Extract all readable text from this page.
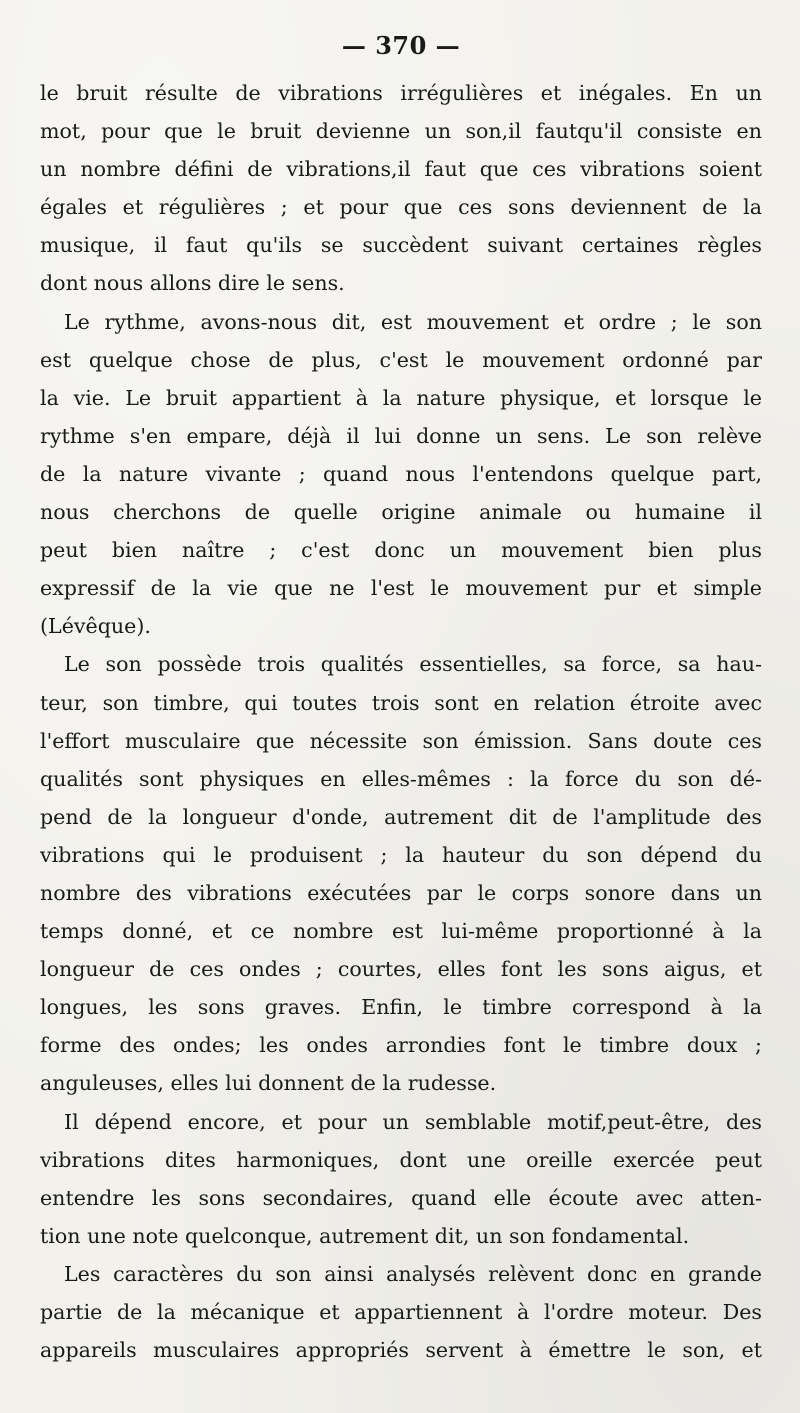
— 370 —
le bruit résulte de vibrations irrégulières et inégales. En un
mot, pour que le bruit devienne un son,il fautqu'il consiste en
un nombre défini de vibrations,il faut que ces vibrations soient
égales et régulières ; et pour que ces sons deviennent de la
musique, il faut qu'ils se succèdent suivant certaines règles
dont nous allons dire le sens.
Le rythme, avons-nous dit, est mouvement et ordre ; le son
est quelque chose de plus, c'est le mouvement ordonné par
la vie. Le bruit appartient à la nature physique, et lorsque le
rythme s'en empare, déjà il lui donne un sens. Le son relève
de la nature vivante ; quand nous l'entendons quelque part,
nous cherchons de quelle origine animale ou humaine il
peut bien naître ; c'est donc un mouvement bien plus
expressif de la vie que ne l'est le mouvement pur et simple
(Lévêque).
Le son possède trois qualités essentielles, sa force, sa hau-
teur, son timbre, qui toutes trois sont en relation étroite avec
l'effort musculaire que nécessite son émission. Sans doute ces
qualités sont physiques en elles-mêmes : la force du son dé-
pend de la longueur d'onde, autrement dit de l'amplitude des
vibrations qui le produisent ; la hauteur du son dépend du
nombre des vibrations exécutées par le corps sonore dans un
temps donné, et ce nombre est lui-même proportionné à la
longueur de ces ondes ; courtes, elles font les sons aigus, et
longues, les sons graves. Enfin, le timbre correspond à la
forme des ondes; les ondes arrondies font le timbre doux ;
anguleuses, elles lui donnent de la rudesse.
Il dépend encore, et pour un semblable motif,peut-être, des
vibrations dites harmoniques, dont une oreille exercée peut
entendre les sons secondaires, quand elle écoute avec atten-
tion une note quelconque, autrement dit, un son fondamental.
Les caractères du son ainsi analysés relèvent donc en grande
partie de la mécanique et appartiennent à l'ordre moteur. Des
appareils musculaires appropriés servent à émettre le son, et
